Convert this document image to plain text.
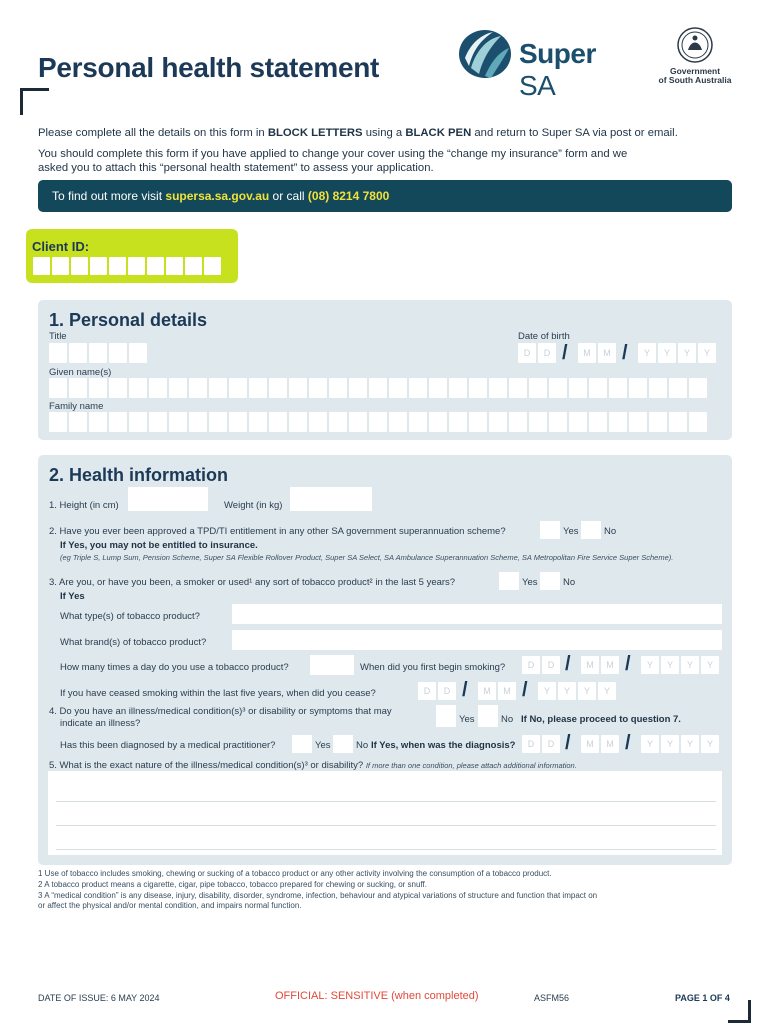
Personal health statement	Super SA	Government
of South Australia
Please complete all the details on this form in BLOCK LETTERS using a BLACK PEN and return to Super SA via post or email.
You should complete this form if you have applied to change your cover using the “change my insurance” form and we
asked you to attach this “personal health statement” to assess your application.
To find out more visit supersa.sa.gov.au or call (08) 8214 7800
Client ID:
1. Personal details
Title	Date of birth
D	D /	M	M /	Y	Y	Y	Y
Given name(s)
Family name
2. Health information
1. Height (in cm)	Weight (in kg)
2. Have you ever been approved a TPD/TI entitlement in any other SA government superannuation scheme?	Yes	No
If Yes, you may not be entitled to insurance.
(eg Triple S, Lump Sum, Pension Scheme, Super SA Flexible Rollover Product, Super SA Select, SA Ambulance Superannuation Scheme, SA Metropolitan Fire Service Super Scheme).
3. Are you, or have you been, a smoker or used¹ any sort of tobacco product² in the last 5 years?	Yes	No
If Yes
What type(s) of tobacco product?
What brand(s) of tobacco product?
How many times a day do you use a tobacco product?	When did you first begin smoking?	D	D /	M	M /	Y	Y	Y	Y
If you have ceased smoking within the last five years, when did you cease?	D	D /	M	M /	Y	Y	Y	Y
4. Do you have an illness/medical condition(s)³ or disability or symptoms that may
indicate an illness?	Yes	No If No, please proceed to question 7.
Has this been diagnosed by a medical practitioner?	Yes	No If Yes, when was the diagnosis?	D	D /	M	M /	Y	Y	Y	Y
5. What is the exact nature of the illness/medical condition(s)³ or disability? If more than one condition, please attach additional information.
1 Use of tobacco includes smoking, chewing or sucking of a tobacco product or any other activity involving the consumption of a tobacco product.
2 A tobacco product means a cigarette, cigar, pipe tobacco, tobacco prepared for chewing or sucking, or snuff.
3 A “medical condition” is any disease, injury, disability, disorder, syndrome, infection, behaviour and atypical variations of structure and function that impact on
or affect the physical and/or mental condition, and impairs normal function.
DATE OF ISSUE: 6 MAY 2024	OFFICIAL: SENSITIVE (when completed)	ASFM56	PAGE 1 OF 4
